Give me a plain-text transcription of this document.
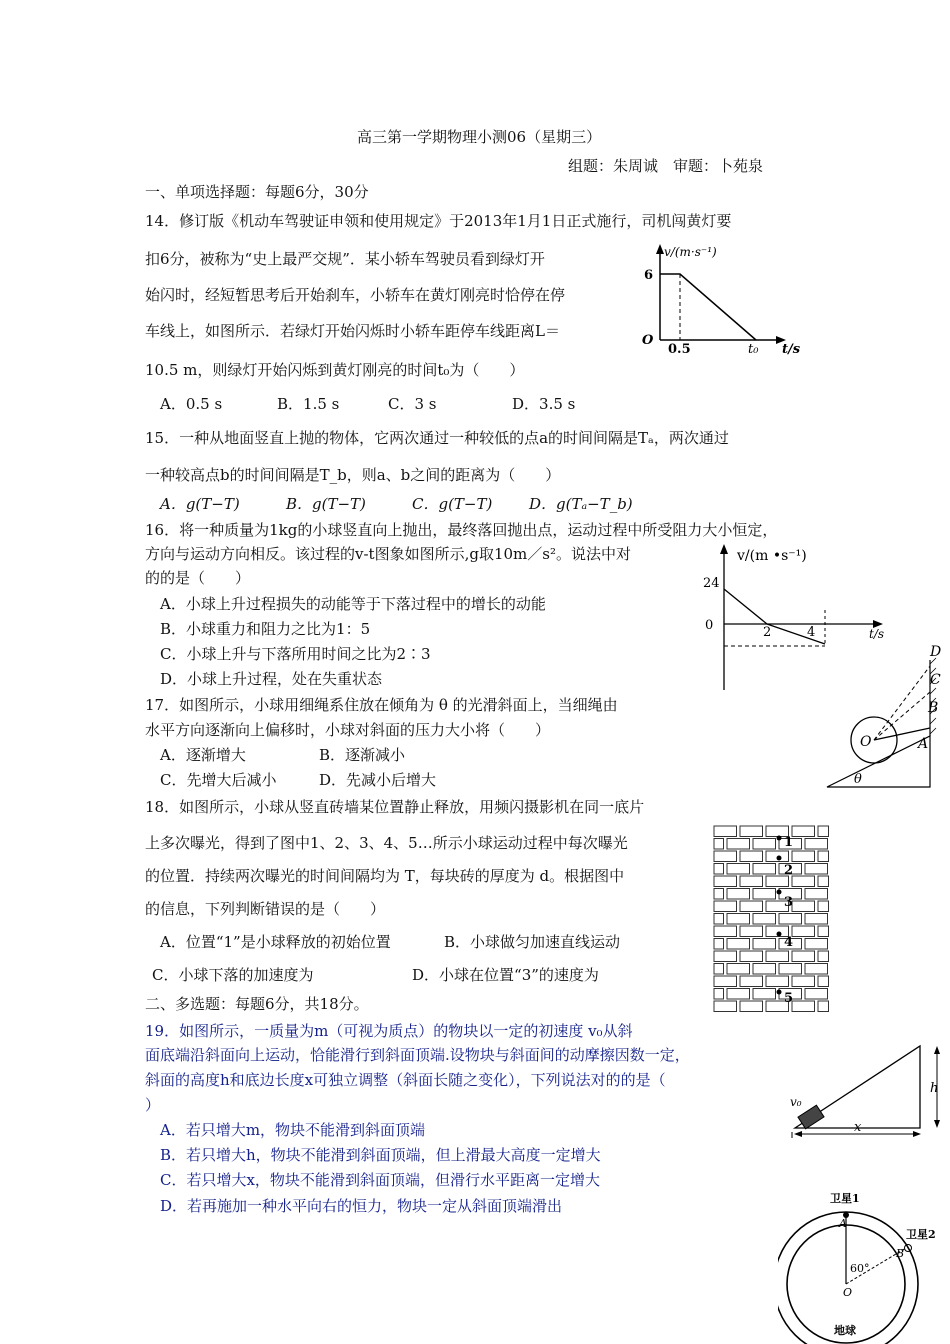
高三第一学期物理小测06（星期三）
组题：朱周诚　审题：卜苑泉
一、单项选择题：每题6分，30分
14．修订版《机动车驾驶证申领和使用规定》于2013年1月1日正式施行，司机闯黄灯要
扣6分，被称为“史上最严交规”．某小轿车驾驶员看到绿灯开
始闪时，经短暂思考后开始刹车，小轿车在黄灯刚亮时恰停在停
车线上，如图所示．若绿灯开始闪烁时小轿车距停车线距离L＝
10.5 m，则绿灯开始闪烁到黄灯刚亮的时间t₀为（　　）
A．0.5 s	B．1.5 s	C．3 s	D．3.5 s
v/(m·s⁻¹)
6
O
0.5	t₀ t/s
15．一种从地面竖直上抛的物体，它两次通过一种较低的点a的时间间隔是Tₐ，两次通过
一种较高点b的时间间隔是T_b，则a、b之间的距离为（　　）
A．g(T−T)	B．g(T−T)	C．g(T−T) D．g(Tₐ−T_b)
16．将一种质量为1kg的小球竖直向上抛出，最终落回抛出点，运动过程中所受阻力大小恒定，
方向与运动方向相反。该过程的v-t图象如图所示,g取10m／s²。说法中对
的的是（　　）
A．小球上升过程损失的动能等于下落过程中的增长的动能
B．小球重力和阻力之比为1：5
C．小球上升与下落所用时间之比为2∶3
D．小球上升过程，处在失重状态
v/(m •s⁻¹)
24
0	2	4	t/s
17．如图所示，小球用细绳系住放在倾角为 θ 的光滑斜面上，当细绳由
水平方向逐渐向上偏移时，小球对斜面的压力大小将（　　）
A．逐渐增大	B．逐渐减小
C．先增大后减小	D．先减小后增大
D
C
B
A
O
θ
18．如图所示，小球从竖直砖墙某位置静止释放，用频闪摄影机在同一底片
上多次曝光，得到了图中1、2、3、4、5…所示小球运动过程中每次曝光
的位置．持续两次曝光的时间间隔均为 T，每块砖的厚度为 d。根据图中
的信息，下列判断错误的是（　　）
A．位置“1”是小球释放的初始位置	B．小球做匀加速直线运动
C．小球下落的加速度为	D．小球在位置“3”的速度为
1
2
3
4
5
二、多选题：每题6分，共18分。
19．如图所示，一质量为m（可视为质点）的物块以一定的初速度 v₀从斜
面底端沿斜面向上运动，恰能滑行到斜面顶端.设物块与斜面间的动摩擦因数一定，
斜面的高度h和底边长度x可独立调整（斜面长随之变化），下列说法对的的是（
）
A．若只增大m，物块不能滑到斜面顶端
B．若只增大h，物块不能滑到斜面顶端，但上滑最大高度一定增大
C．若只增大x，物块不能滑到斜面顶端，但滑行水平距离一定增大
D．若再施加一种水平向右的恒力，物块一定从斜面顶端滑出
v₀
h
x
卫星1
卫星2
A
B
60°
O
地球
